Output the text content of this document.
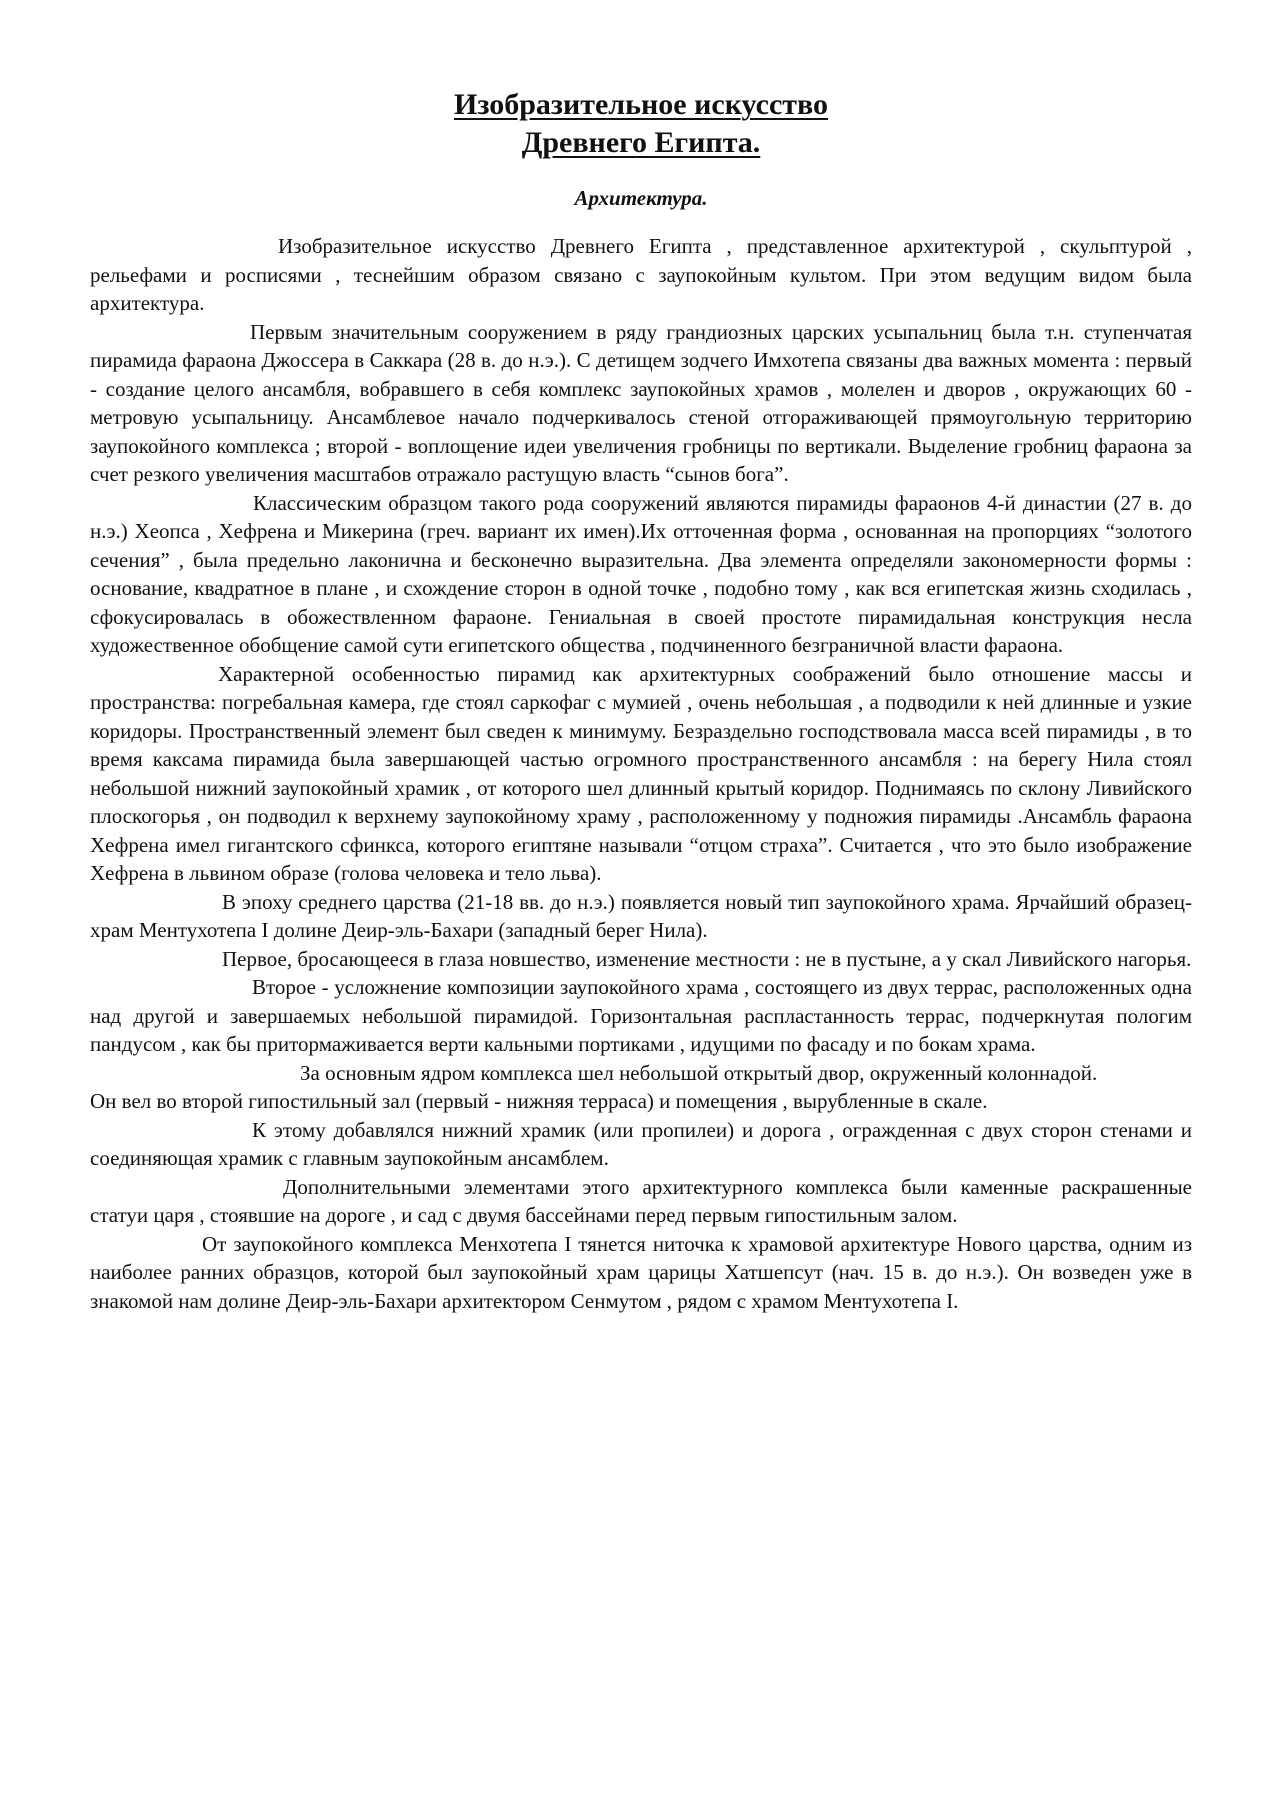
Изобразительное искусство
Древнего Египта.
Архитектура.

Изобразительное искусство Древнего Египта , представленное архитектурой , скульптурой , рельефами и росписями , теснейшим образом связано с заупокойным культом. При этом ведущим видом была архитектура.

Первым значительным сооружением в ряду грандиозных царских усыпальниц была т.н. ступенчатая пирамида фараона Джоссера в Саккара (28 в. до н.э.). С детищем зодчего Имхотепа связаны два важных момента : первый - создание целого ансамбля, вобравшего в себя комплекс заупокойных храмов , молелен и дворов , окружающих 60 - метровую усыпальницу. Ансамблевое начало подчеркивалось стеной отгораживающей прямоугольную территорию заупокойного комплекса ; второй - воплощение идеи увеличения гробницы по вертикали. Выделение гробниц фараона за счет резкого увеличения масштабов отражало растущую власть “сынов бога”.

Классическим образцом такого рода сооружений являются пирамиды фараонов 4-й династии (27 в. до н.э.) Хеопса , Хефрена и Микерина (греч. вариант их имен).Их отточенная форма , основанная на пропорциях “золотого сечения” , была предельно лаконична и бесконечно выразительна. Два элемента определяли закономерности формы : основание, квадратное в плане , и схождение сторон в одной точке , подобно тому , как вся египетская жизнь сходилась , сфокусировалась в обожествленном фараоне. Гениальная в своей простоте пирамидальная конструкция несла художественное обобщение самой сути египетского общества , подчиненного безграничной власти фараона.

Характерной особенностью пирамид как архитектурных соображений было отношение массы и пространства: погребальная камера, где стоял саркофаг с мумией , очень небольшая , а подводили к ней длинные и узкие коридоры. Пространственный элемент был сведен к минимуму. Безраздельно господствовала масса всей пирамиды , в то время каксама пирамида была завершающей частью огромного пространственного ансамбля : на берегу Нила стоял небольшой нижний заупокойный храмик , от которого шел длинный крытый коридор. Поднимаясь по склону Ливийского плоскогорья , он подводил к верхнему заупокойному храму , расположенному у подножия пирамиды .Ансамбль фараона Хефрена имел гигантского сфинкса, которого египтяне называли “отцом страха”. Считается , что это было изображение Хефрена в львином образе (голова человека и тело льва).

В эпоху среднего царства (21-18 вв. до н.э.) появляется новый тип заупокойного храма. Ярчайший образец-храм Ментухотепа I долине Деир-эль-Бахари (западный берег Нила).

Первое, бросающееся в глаза новшество, изменение местности : не в пустыне, а у скал Ливийского нагорья.

Второе - усложнение композиции заупокойного храма , состоящего из двух террас, расположенных одна над другой и завершаемых небольшой пирамидой. Горизонтальная распластанность террас, подчеркнутая пологим пандусом , как бы притормаживается верти кальными портиками , идущими по фасаду и по бокам храма.

За основным ядром комплекса шел небольшой открытый двор, окруженный колоннадой.

Он вел во второй гипостильный зал (первый - нижняя терраса) и помещения , вырубленные в скале.

К этому добавлялся нижний храмик (или пропилеи) и дорога , огражденная с двух сторон стенами и соединяющая храмик с главным заупокойным ансамблем.

Дополнительными элементами этого архитектурного комплекса были каменные раскрашенные статуи царя , стоявшие на дороге , и сад с двумя бассейнами перед первым гипостильным залом.

От заупокойного комплекса Менхотепа I тянется ниточка к храмовой архитектуре Нового царства, одним из наиболее ранних образцов, которой был заупокойный храм царицы Хатшепсут (нач. 15 в. до н.э.). Он возведен уже в знакомой нам долине Деир-эль-Бахари архитектором Сенмутом , рядом с храмом Ментухотепа I.
